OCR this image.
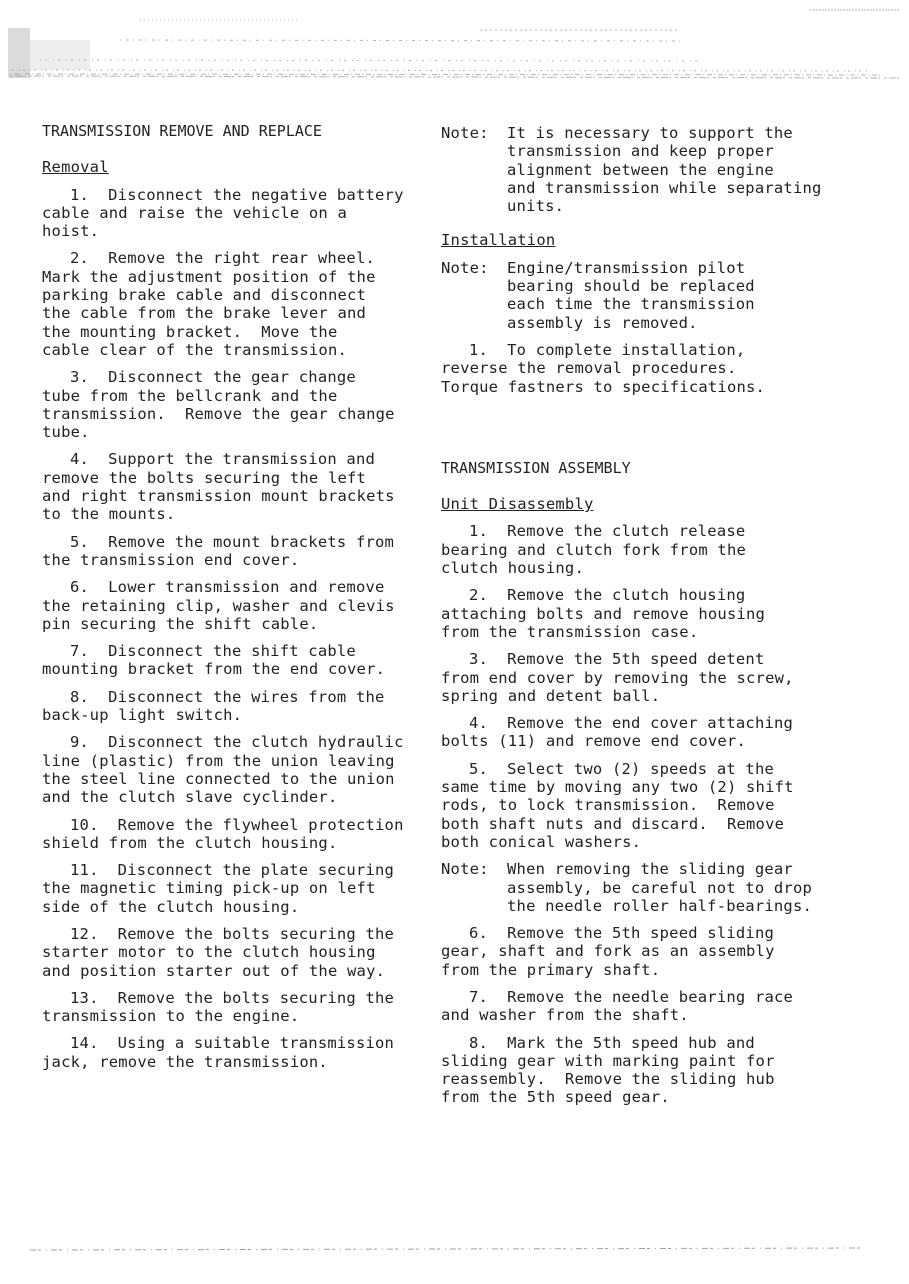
TRANSMISSION REMOVE AND REPLACE
Removal
1.  Disconnect the negative battery
cable and raise the vehicle on a hoist.
2.  Remove the right rear wheel.
Mark the adjustment position of the
parking brake cable and disconnect
the cable from the brake lever and
the mounting bracket.  Move the
cable clear of the transmission.
3.  Disconnect the gear change
tube from the bellcrank and the
transmission.  Remove the gear change
tube.
4.  Support the transmission and
remove the bolts securing the left
and right transmission mount brackets
to the mounts.
5.  Remove the mount brackets from
the transmission end cover.
6.  Lower transmission and remove
the retaining clip, washer and clevis
pin securing the shift cable.
7.  Disconnect the shift cable
mounting bracket from the end cover.
8.  Disconnect the wires from the
back-up light switch.
9.  Disconnect the clutch hydraulic
line (plastic) from the union leaving
the steel line connected to the union
and the clutch slave cyclinder.
10.  Remove the flywheel protection
shield from the clutch housing.
11.  Disconnect the plate securing
the magnetic timing pick-up on left
side of the clutch housing.
12.  Remove the bolts securing the
starter motor to the clutch housing
and position starter out of the way.
13.  Remove the bolts securing the
transmission to the engine.
14.  Using a suitable transmission
jack, remove the transmission.
Note:	It is necessary to support the
transmission and keep proper
alignment between the engine
and transmission while separating
units.
Installation
Note:	Engine/transmission pilot
bearing should be replaced
each time the transmission
assembly is removed.
1.  To complete installation,
reverse the removal procedures.
Torque fastners to specifications.
TRANSMISSION ASSEMBLY
Unit Disassembly
1.  Remove the clutch release
bearing and clutch fork from the
clutch housing.
2.  Remove the clutch housing
attaching bolts and remove housing
from the transmission case.
3.  Remove the 5th speed detent
from end cover by removing the screw,
spring and detent ball.
4.  Remove the end cover attaching
bolts (11) and remove end cover.
5.  Select two (2) speeds at the
same time by moving any two (2) shift
rods, to lock transmission.  Remove
both shaft nuts and discard.  Remove
both conical washers.
Note:	When removing the sliding gear
assembly, be careful not to drop
the needle roller half-bearings.
6.  Remove the 5th speed sliding
gear, shaft and fork as an assembly
from the primary shaft.
7.  Remove the needle bearing race
and washer from the shaft.
8.  Mark the 5th speed hub and
sliding gear with marking paint for
reassembly.  Remove the sliding hub
from the 5th speed gear.
